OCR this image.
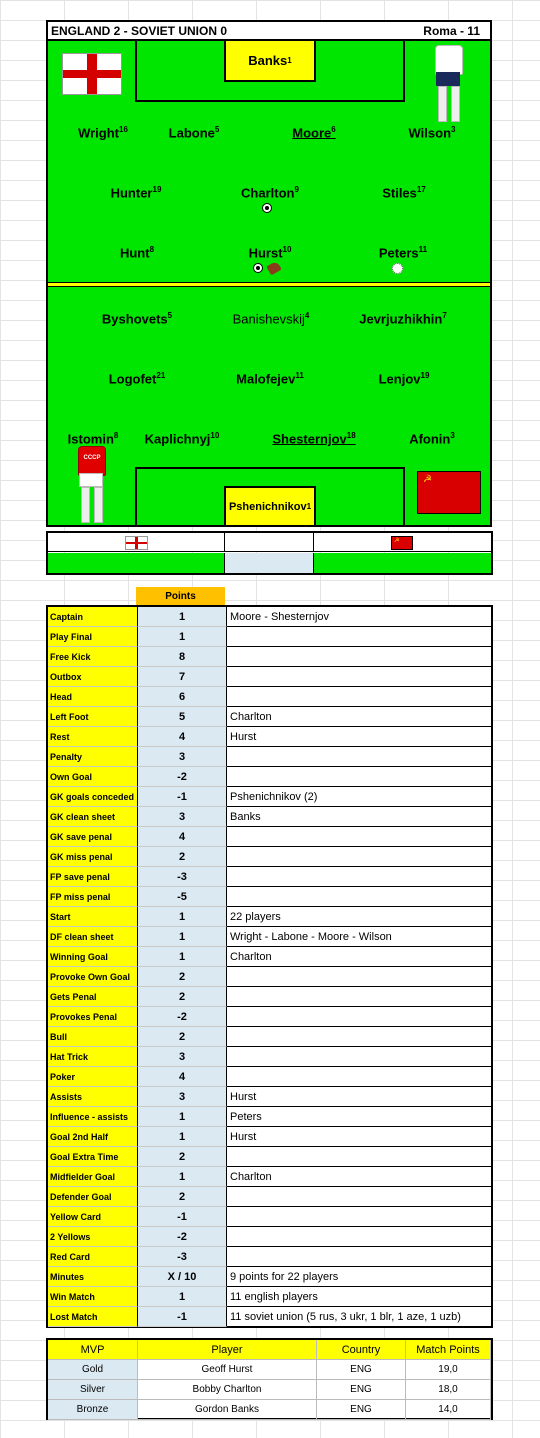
ENGLAND 2 - SOVIET UNION 0	Roma - 11
Banks 1
Wright$^{16}$	Labone$^5$	Moore$^6$	Wilson$^3$
Hunter$^{19}$	Charlton$^9$	Stiles$^{17}$
Hunt$^8$	Hurst$^{10}$	Peters$^{11}$
Byshovets$^5$	Banishevskij$^4$	Jevrjuzhikhin$^7$
Logofet$^{21}$	Malofejev$^{11}$	Lenjov$^{19}$
Istomin$^8$ Kaplichnyj$^{10}$	Shesternjov$^{18}$	Afonin$^3$
Pshenichnikov 1
CCCP
☭
☭
Points
Captain	1	Moore - Shesternjov
Play Final	1
Free Kick	8
Outbox	7
Head	6
Left Foot	5	Charlton
Rest	4	Hurst
Penalty	3
Own Goal	-2
GK goals conceded	-1	Pshenichnikov (2)
GK clean sheet	3	Banks
GK save penal	4
GK miss penal	2
FP save penal	-3
FP miss penal	-5
Start	1	22 players
DF clean sheet	1	Wright - Labone - Moore - Wilson
Winning Goal	1	Charlton
Provoke Own Goal	2
Gets Penal	2
Provokes Penal	-2
Bull	2
Hat Trick	3
Poker	4
Assists	3	Hurst
Influence - assists	1	Peters
Goal 2nd Half	1	Hurst
Goal Extra Time	2
Midfielder Goal	1	Charlton
Defender Goal	2
Yellow Card	-1
2 Yellows	-2
Red Card	-3
Minutes	X / 10	9 points for 22 players
Win Match	1	11 english players
Lost Match	-1	11 soviet union (5 rus, 3 ukr, 1 blr, 1 aze, 1 uzb)
MVP	Player	Country	Match Points
Gold	Geoff Hurst	ENG	19,0
Silver	Bobby Charlton	ENG	18,0
Bronze	Gordon Banks	ENG	14,0
